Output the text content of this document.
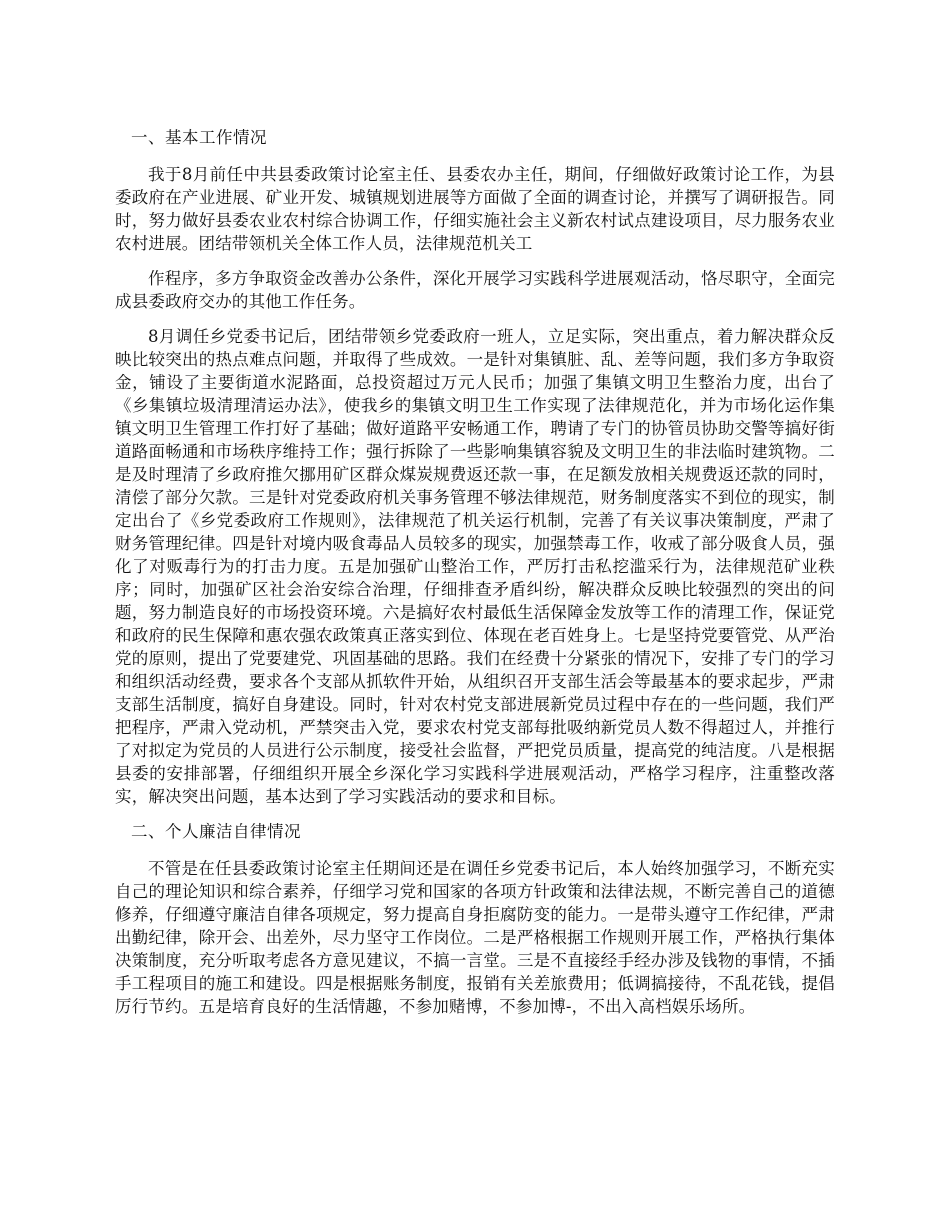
一、基本工作情况

我于8月前任中共县委政策讨论室主任、县委农办主任，期间，仔细做好政策讨论工作，为县委政府在产业进展、矿业开发、城镇规划进展等方面做了全面的调查讨论，并撰写了调研报告。同时，努力做好县委农业农村综合协调工作，仔细实施社会主义新农村试点建设项目，尽力服务农业农村进展。团结带领机关全体工作人员，法律规范机关工

作程序，多方争取资金改善办公条件，深化开展学习实践科学进展观活动，恪尽职守，全面完成县委政府交办的其他工作任务。

8月调任乡党委书记后，团结带领乡党委政府一班人，立足实际，突出重点，着力解决群众反映比较突出的热点难点问题，并取得了些成效。一是针对集镇脏、乱、差等问题，我们多方争取资金，铺设了主要街道水泥路面，总投资超过万元人民币；加强了集镇文明卫生整治力度，出台了《乡集镇垃圾清理清运办法》，使我乡的集镇文明卫生工作实现了法律规范化，并为市场化运作集镇文明卫生管理工作打好了基础；做好道路平安畅通工作，聘请了专门的协管员协助交警等搞好街道路面畅通和市场秩序维持工作；强行拆除了一些影响集镇容貌及文明卫生的非法临时建筑物。二是及时理清了乡政府推欠挪用矿区群众煤炭规费返还款一事，在足额发放相关规费返还款的同时，清偿了部分欠款。三是针对党委政府机关事务管理不够法律规范，财务制度落实不到位的现实，制定出台了《乡党委政府工作规则》，法律规范了机关运行机制，完善了有关议事决策制度，严肃了财务管理纪律。四是针对境内吸食毒品人员较多的现实，加强禁毒工作，收戒了部分吸食人员，强化了对贩毒行为的打击力度。五是加强矿山整治工作，严厉打击私挖滥采行为，法律规范矿业秩序；同时，加强矿区社会治安综合治理，仔细排查矛盾纠纷，解决群众反映比较强烈的突出的问题，努力制造良好的市场投资环境。六是搞好农村最低生活保障金发放等工作的清理工作，保证党和政府的民生保障和惠农强农政策真正落实到位、体现在老百姓身上。七是坚持党要管党、从严治党的原则，提出了党要建党、巩固基础的思路。我们在经费十分紧张的情况下，安排了专门的学习和组织活动经费，要求各个支部从抓软件开始，从组织召开支部生活会等最基本的要求起步，严肃支部生活制度，搞好自身建设。同时，针对农村党支部进展新党员过程中存在的一些问题，我们严把程序，严肃入党动机，严禁突击入党，要求农村党支部每批吸纳新党员人数不得超过人，并推行了对拟定为党员的人员进行公示制度，接受社会监督，严把党员质量，提高党的纯洁度。八是根据县委的安排部署，仔细组织开展全乡深化学习实践科学进展观活动，严格学习程序，注重整改落实，解决突出问题，基本达到了学习实践活动的要求和目标。

二、个人廉洁自律情况

不管是在任县委政策讨论室主任期间还是在调任乡党委书记后，本人始终加强学习，不断充实自己的理论知识和综合素养，仔细学习党和国家的各项方针政策和法律法规，不断完善自己的道德修养，仔细遵守廉洁自律各项规定，努力提高自身拒腐防变的能力。一是带头遵守工作纪律，严肃出勤纪律，除开会、出差外，尽力坚守工作岗位。二是严格根据工作规则开展工作，严格执行集体决策制度，充分听取考虑各方意见建议，不搞一言堂。三是不直接经手经办涉及钱物的事情，不插手工程项目的施工和建设。四是根据账务制度，报销有关差旅费用；低调搞接待，不乱花钱，提倡厉行节约。五是培育良好的生活情趣，不参加赌博，不参加博-，不出入高档娱乐场所。
